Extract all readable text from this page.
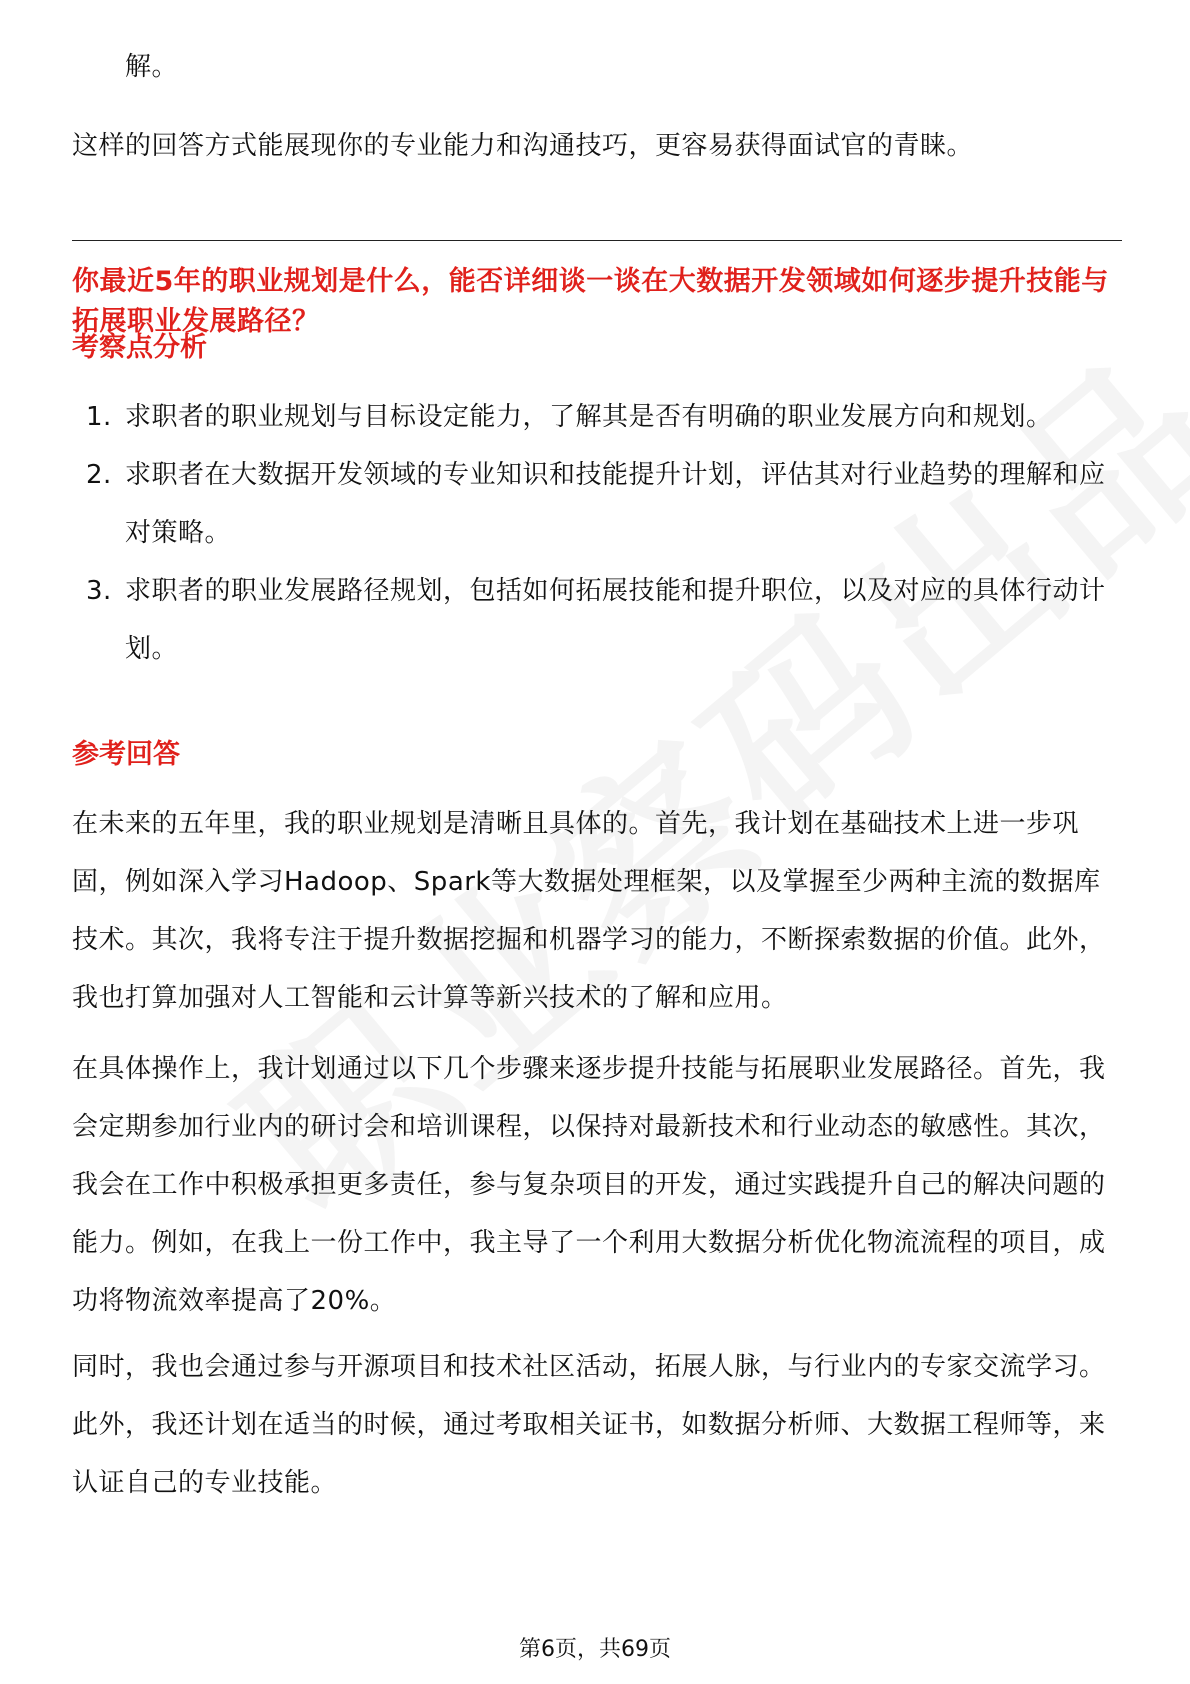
解。

这样的回答方式能展现你的专业能力和沟通技巧，更容易获得面试官的青睐。

你最近5年的职业规划是什么，能否详细谈一谈在大数据开发领域如何逐步提升技能与拓展职业发展路径？
考察点分析
1. 求职者的职业规划与目标设定能力，了解其是否有明确的职业发展方向和规划。
2. 求职者在大数据开发领域的专业知识和技能提升计划，评估其对行业趋势的理解和应对策略。
3. 求职者的职业发展路径规划，包括如何拓展技能和提升职位，以及对应的具体行动计划。
参考回答

在未来的五年里，我的职业规划是清晰且具体的。首先，我计划在基础技术上进一步巩固，例如深入学习Hadoop、Spark等大数据处理框架，以及掌握至少两种主流的数据库技术。其次，我将专注于提升数据挖掘和机器学习的能力，不断探索数据的价值。此外，我也打算加强对人工智能和云计算等新兴技术的了解和应用。

在具体操作上，我计划通过以下几个步骤来逐步提升技能与拓展职业发展路径。首先，我会定期参加行业内的研讨会和培训课程，以保持对最新技术和行业动态的敏感性。其次，我会在工作中积极承担更多责任，参与复杂项目的开发，通过实践提升自己的解决问题的能力。例如，在我上一份工作中，我主导了一个利用大数据分析优化物流流程的项目，成功将物流效率提高了20%。

同时，我也会通过参与开源项目和技术社区活动，拓展人脉，与行业内的专家交流学习。此外，我还计划在适当的时候，通过考取相关证书，如数据分析师、大数据工程师等，来认证自己的专业技能。

第6页，共69页
